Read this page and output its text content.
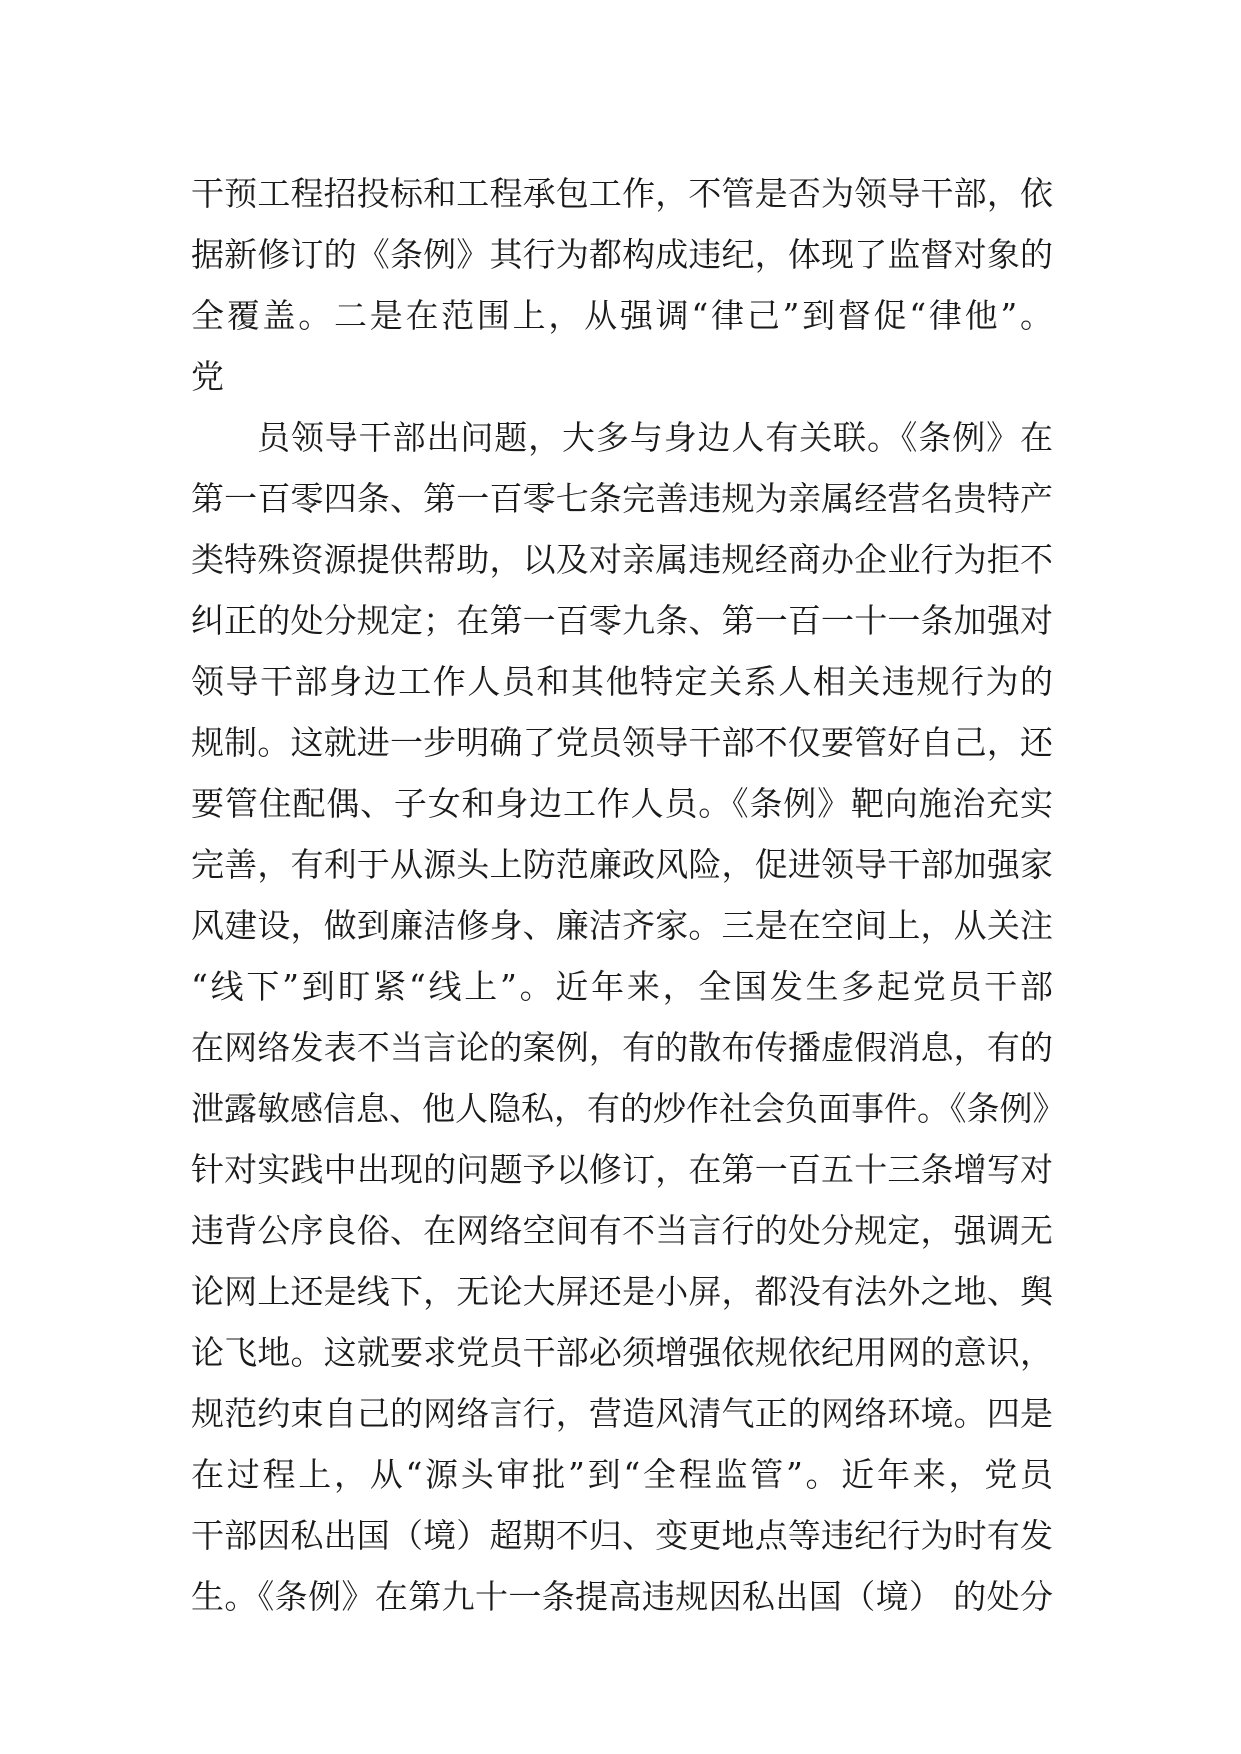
干预工程招投标和工程承包工作，不管是否为领导干部，依
据新修订的《条例》其行为都构成违纪，体现了监督对象的
全覆盖。二是在范围上，从强调“律己”到督促“律他”。
党
员领导干部出问题，大多与身边人有关联。《条例》在
第一百零四条、第一百零七条完善违规为亲属经营名贵特产
类特殊资源提供帮助，以及对亲属违规经商办企业行为拒不
纠正的处分规定；在第一百零九条、第一百一十一条加强对
领导干部身边工作人员和其他特定关系人相关违规行为的
规制。这就进一步明确了党员领导干部不仅要管好自己，还
要管住配偶、子女和身边工作人员。《条例》靶向施治充实
完善，有利于从源头上防范廉政风险，促进领导干部加强家
风建设，做到廉洁修身、廉洁齐家。三是在空间上，从关注
“线下”到盯紧“线上”。近年来，全国发生多起党员干部
在网络发表不当言论的案例，有的散布传播虚假消息，有的
泄露敏感信息、他人隐私，有的炒作社会负面事件。《条例》
针对实践中出现的问题予以修订，在第一百五十三条增写对
违背公序良俗、在网络空间有不当言行的处分规定，强调无
论网上还是线下，无论大屏还是小屏，都没有法外之地、舆
论飞地。这就要求党员干部必须增强依规依纪用网的意识，
规范约束自己的网络言行，营造风清气正的网络环境。四是
在过程上，从“源头审批”到“全程监管”。近年来，党员
干部因私出国（境）超期不归、变更地点等违纪行为时有发
生。《条例》在第九十一条提高违规因私出国（境） 的处分
